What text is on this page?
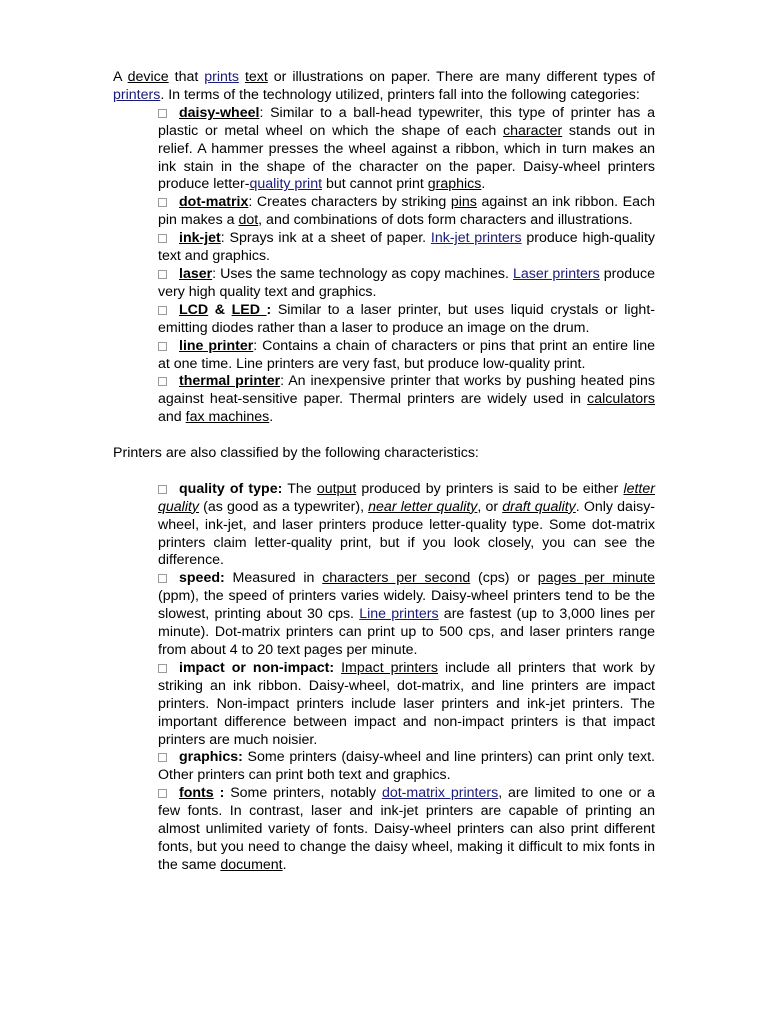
A device that prints text or illustrations on paper. There are many different types of printers. In terms of the technology utilized, printers fall into the following categories:

daisy-wheel: Similar to a ball-head typewriter, this type of printer has a plastic or metal wheel on which the shape of each character stands out in relief. A hammer presses the wheel against a ribbon, which in turn makes an ink stain in the shape of the character on the paper. Daisy-wheel printers produce letter-quality print but cannot print graphics.

dot-matrix: Creates characters by striking pins against an ink ribbon. Each pin makes a dot, and combinations of dots form characters and illustrations.

ink-jet: Sprays ink at a sheet of paper. Ink-jet printers produce high-quality text and graphics.

laser: Uses the same technology as copy machines. Laser printers produce very high quality text and graphics.

LCD & LED : Similar to a laser printer, but uses liquid crystals or light-emitting diodes rather than a laser to produce an image on the drum.

line printer: Contains a chain of characters or pins that print an entire line at one time. Line printers are very fast, but produce low-quality print.

thermal printer: An inexpensive printer that works by pushing heated pins against heat-sensitive paper. Thermal printers are widely used in calculators and fax machines.

Printers are also classified by the following characteristics:

quality of type: The output produced by printers is said to be either letter quality (as good as a typewriter), near letter quality, or draft quality. Only daisy-wheel, ink-jet, and laser printers produce letter-quality type. Some dot-matrix printers claim letter-quality print, but if you look closely, you can see the difference.

speed: Measured in characters per second (cps) or pages per minute (ppm), the speed of printers varies widely. Daisy-wheel printers tend to be the slowest, printing about 30 cps. Line printers are fastest (up to 3,000 lines per minute). Dot-matrix printers can print up to 500 cps, and laser printers range from about 4 to 20 text pages per minute.

impact or non-impact: Impact printers include all printers that work by striking an ink ribbon. Daisy-wheel, dot-matrix, and line printers are impact printers. Non-impact printers include laser printers and ink-jet printers. The important difference between impact and non-impact printers is that impact printers are much noisier.

graphics: Some printers (daisy-wheel and line printers) can print only text. Other printers can print both text and graphics.

fonts : Some printers, notably dot-matrix printers, are limited to one or a few fonts. In contrast, laser and ink-jet printers are capable of printing an almost unlimited variety of fonts. Daisy-wheel printers can also print different fonts, but you need to change the daisy wheel, making it difficult to mix fonts in the same document.
